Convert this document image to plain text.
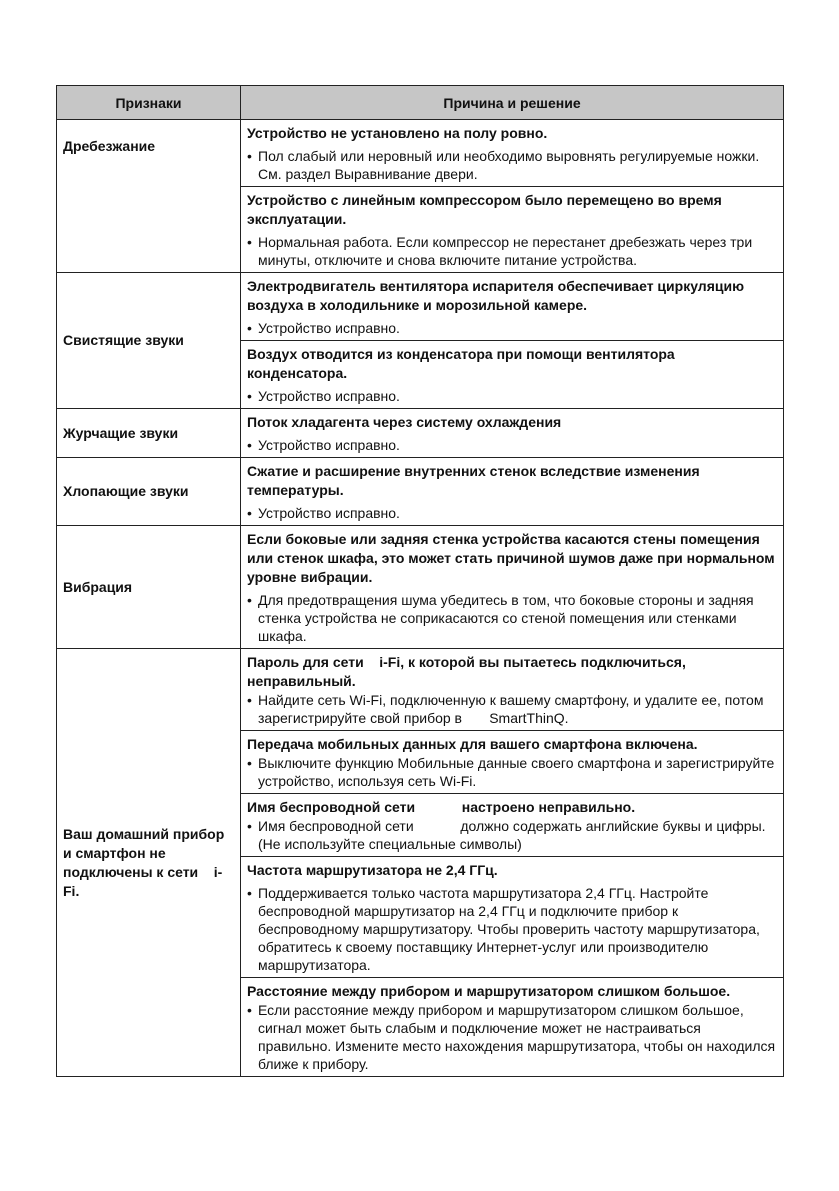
Признаки	Причина и решение
Дребезжание	Устройство не установлено на полу ровно.
• Пол слабый или неровный или необходимо выровнять регулируемые ножки. См. раздел Выравнивание двери.

	Устройство с линейным компрессором было перемещено во время эксплуатации.
• Нормальная работа. Если компрессор не перестанет дребезжать через три минуты, отключите и снова включите питание устройства.

Свистящие звуки	Электродвигатель вентилятора испарителя обеспечивает циркуляцию воздуха в холодильнике и морозильной камере.
• Устройство исправно.

	Воздух отводится из конденсатора при помощи вентилятора конденсатора.
• Устройство исправно.

Журчащие звуки	Поток хладагента через систему охлаждения
• Устройство исправно.

Хлопающие звуки	Сжатие и расширение внутренних стенок вследствие изменения температуры.
• Устройство исправно.

Вибрация	Если боковые или задняя стенка устройства касаются стены помещения или стенок шкафа, это может стать причиной шумов даже при нормальном уровне вибрации.
• Для предотвращения шума убедитесь в том, что боковые стороны и задняя стенка устройства не соприкасаются со стеной помещения или стенками шкафа.

Ваш домашний прибор и смартфон не подключены к сети    i-Fi.	Пароль для сети    i-Fi, к которой вы пытаетесь подключиться, неправильный.
• Найдите сеть Wi-Fi, подключенную к вашему смартфону, и удалите ее, потом зарегистрируйте свой прибор в       SmartThinQ.

	Передача мобильных данных для вашего смартфона включена.
• Выключите функцию Мобильные данные своего смартфона и зарегистрируйте устройство, используя сеть Wi-Fi.

	Имя беспроводной сети            настроено неправильно.
• Имя беспроводной сети            должно содержать английские буквы и цифры. (Не используйте специальные символы)

	Частота маршрутизатора не 2,4 ГГц.
• Поддерживается только частота маршрутизатора 2,4 ГГц. Настройте беспроводной маршрутизатор на 2,4 ГГц и подключите прибор к беспроводному маршрутизатору. Чтобы проверить частоту маршрутизатора, обратитесь к своему поставщику Интернет-услуг или производителю маршрутизатора.

	Расстояние между прибором и маршрутизатором слишком большое.
• Если расстояние между прибором и маршрутизатором слишком большое, сигнал может быть слабым и подключение может не настраиваться правильно. Измените место нахождения маршрутизатора, чтобы он находился ближе к прибору.
